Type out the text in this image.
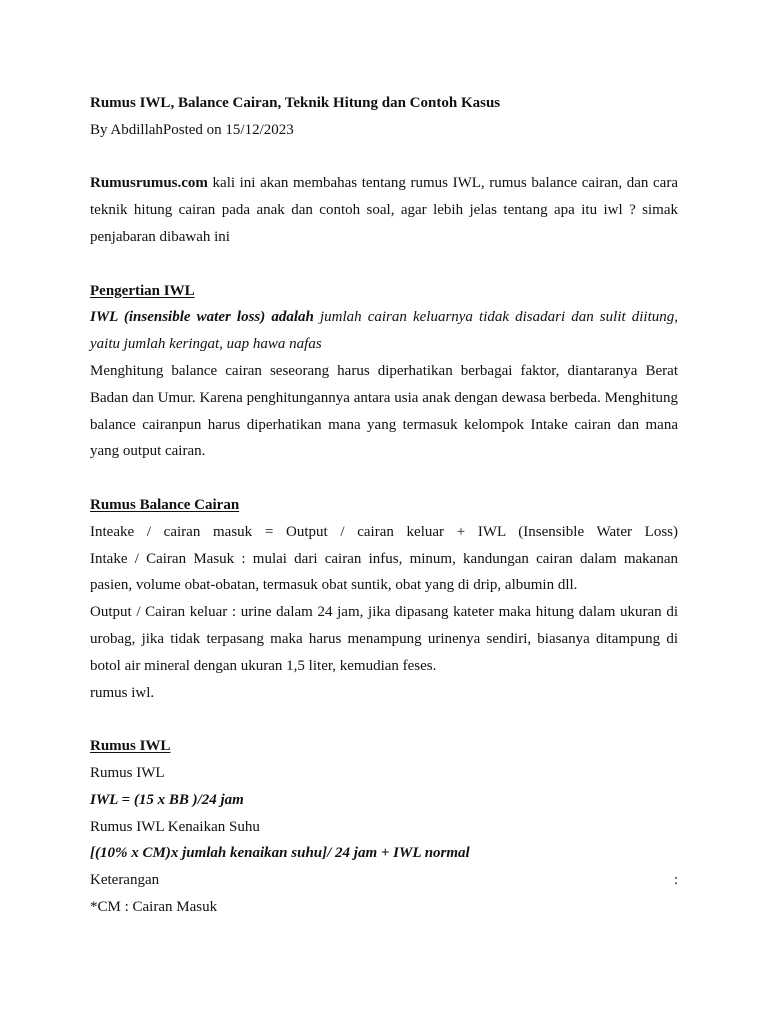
Rumus IWL, Balance Cairan, Teknik Hitung dan Contoh Kasus
By AbdillahPosted on 15/12/2023
Rumusrumus.com kali ini akan membahas tentang rumus IWL, rumus balance cairan, dan cara teknik hitung cairan pada anak dan contoh soal, agar lebih jelas tentang apa itu iwl ? simak penjabaran dibawah ini
Pengertian IWL
IWL (insensible water loss) adalah jumlah cairan keluarnya tidak disadari dan sulit diitung, yaitu jumlah keringat, uap hawa nafas
Menghitung balance cairan seseorang harus diperhatikan berbagai faktor, diantaranya Berat Badan dan Umur. Karena penghitungannya antara usia anak dengan dewasa berbeda. Menghitung balance cairanpun harus diperhatikan mana yang termasuk kelompok Intake cairan dan mana yang output cairan.
Rumus Balance Cairan
Inteake / cairan masuk = Output / cairan keluar + IWL (Insensible Water Loss)
Intake / Cairan Masuk : mulai dari cairan infus, minum, kandungan cairan dalam makanan pasien, volume obat-obatan, termasuk obat suntik, obat yang di drip, albumin dll.
Output / Cairan keluar : urine dalam 24 jam, jika dipasang kateter maka hitung dalam ukuran di urobag, jika tidak terpasang maka harus menampung urinenya sendiri, biasanya ditampung di botol air mineral dengan ukuran 1,5 liter, kemudian feses.
rumus iwl.
Rumus IWL
Rumus IWL
IWL = (15 x BB )/24 jam
Rumus IWL Kenaikan Suhu
[(10% x CM)x jumlah kenaikan suhu]/ 24 jam + IWL normal
Keterangan	:
*CM : Cairan Masuk
